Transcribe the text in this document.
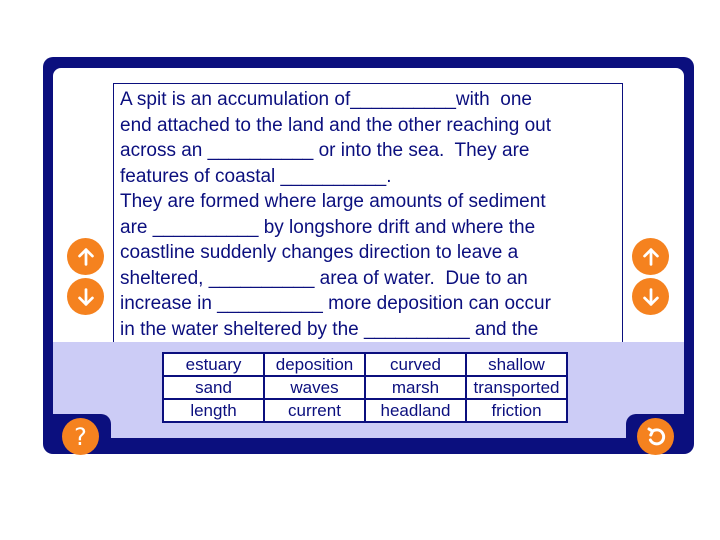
A spit is an accumulation of__________with  one

end attached to the land and the other reaching out

across an __________ or into the sea.  They are

features of coastal __________.

They are formed where large amounts of sediment

are __________ by longshore drift and where the

coastline suddenly changes direction to leave a

sheltered, __________ area of water.  Due to an

increase in __________ more deposition can occur

in the water sheltered by the __________ and the

estuary	deposition	curved	shallow
sand	waves	marsh	transported
length	current	headland	friction
?
